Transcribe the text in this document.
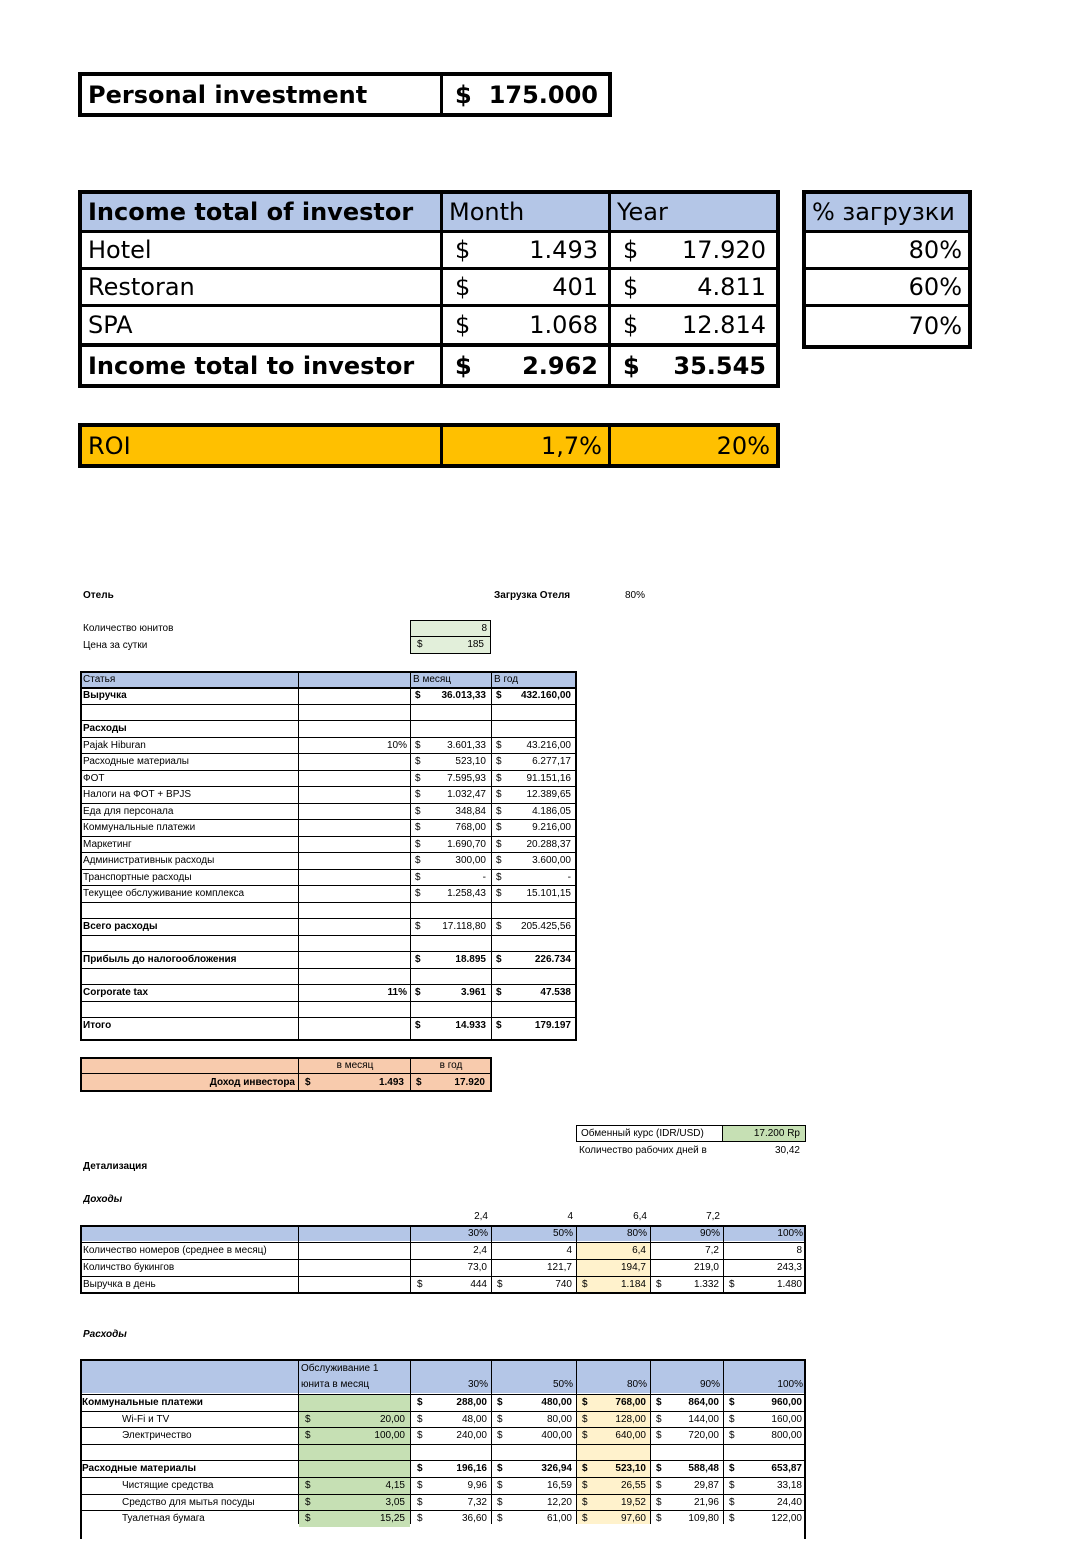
Personal investment	$ 175.000
Income total of investor	Month	Year
Hotel	$ 1.493 $ 17.920
Restoran	$	401 $ 4.811
SPA	$ 1.068 $ 12.814
Income total to investor	$ 2.962 $ 35.545
% загрузки
80%
60%
70%
ROI	1,7%	20%
Отель	Загрузка Отеля	80%
Количество юнитов	8
Цена за сутки	$	185
Статья	В месяц	В год
Выручка	$ 36.013,33 $ 432.160,00
Расходы
Pajak Hiburan	10% $	3.601,33 $ 43.216,00
Расходные материалы	$	523,10 $	6.277,17
ФОТ	$	7.595,93 $ 91.151,16
Налоги на ФОТ + BPJS	$	1.032,47 $ 12.389,65
Еда для персонала	$	348,84 $	4.186,05
Коммунальные платежи	$	768,00 $	9.216,00
Маркетинг	$	1.690,70 $ 20.288,37
Административнык расходы	$	300,00 $	3.600,00
Транспортные расходы	$	- $	-
Текущее обслуживание комплекса	$	1.258,43 $ 15.101,15
Всего расходы	$ 17.118,80 $ 205.425,56
Прибыль до налогообложения	$	18.895 $	226.734
Corporate tax	11% $	3.961 $	47.538
Итого	$	14.933 $	179.197
в месяц	в год
Доход инвестора	$	1.493 $	17.920
Обменный курс (IDR/USD)	17.200 Rp
Количество рабочих дней в	30,42
Детализация
Доходы
2,4	4	6,4	7,2
30%	50%	80%	90%	100%
Количество номеров (среднее в месяц)	2,4	4	6,4	7,2	8
Количство букингов	73,0	121,7	194,7	219,0	243,3
Выручка в день	$	444 $	740 $	1.184 $	1.332 $	1.480
Расходы
Обслуживание 1
юнита в месяц	30%	50%	80%	90%	100%
Коммунальные платежи	$	288,00 $	480,00 $	768,00 $	864,00 $	960,00
Wi-Fi и TV	$	20,00 $	48,00 $	80,00 $	128,00 $	144,00 $	160,00
Электричество	$	100,00 $	240,00 $	400,00 $	640,00 $	720,00 $	800,00
Расходные материалы	$	196,16 $	326,94 $	523,10 $	588,48 $	653,87
Чистящие средства	$	4,15 $	9,96 $	16,59 $	26,55 $	29,87 $	33,18
Средство для мытья посуды	$	3,05 $	7,32 $	12,20 $	19,52 $	21,96 $	24,40
Туалетная бумага	$	15,25 $	36,60 $	61,00 $	97,60 $	109,80 $	122,00
